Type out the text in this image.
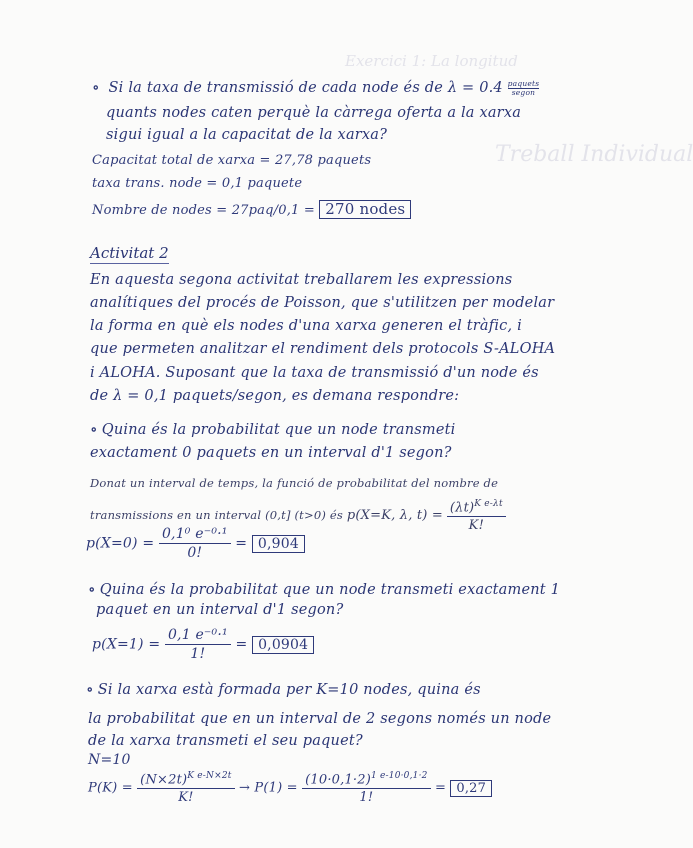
Exercici 1: La longitud
Treball Individual
∘ Si la taxa de transmissió de cada node és de λ = 0.4 paquets
segon
quants nodes caten perquè la càrrega oferta a la xarxa
sigui igual a la capacitat de la xarxa?
Capacitat total de xarxa = 27,78 paquets
taxa trans. node = 0,1 paquete
Nombre de nodes = 27paq/0,1 = 270 nodes
Activitat 2
En aquesta segona activitat treballarem les expressions
analítiques del procés de Poisson, que s'utilitzen per modelar
la forma en què els nodes d'una xarxa generen el tràfic, i
que permeten analitzar el rendiment dels protocols S-ALOHA
i ALOHA. Suposant que la taxa de transmissió d'un node és
de λ = 0,1 paquets/segon, es demana respondre:
∘ Quina és la probabilitat que un node transmeti
exactament 0 paquets en un interval d'1 segon?
Donat un interval de temps, la funció de probabilitat del nombre de
transmissions en un interval (0,t] (t>0) és p(X=K, λ, $t) = \frac{(\lambda t)^{K e-\lambda t}}{K!}$
$p(X=0) = \frac{\text{0,1⁰ e⁻⁰·¹}}{0!} = 0,904$
∘ Quina és la probabilitat que un node transmeti exactament 1
paquet en un interval d'1 segon?
$p(X=1) = \frac{\text{0,1 e⁻⁰·¹}}{1!} = 0,0904$
∘ Si la xarxa està formada per K=10 nodes, quina és
la probabilitat que en un interval de 2 segons només un node
de la xarxa transmeti el seu paquet?
N=10
$P(K) = \frac{(N\times 2t)^{K e-N\times 2t}}{K!} \to P(1) = \frac{(10\cdot 0,1\cdot 2)^{1 e-10\cdot 0,1\cdot 2}}{1!} = 0,27$
